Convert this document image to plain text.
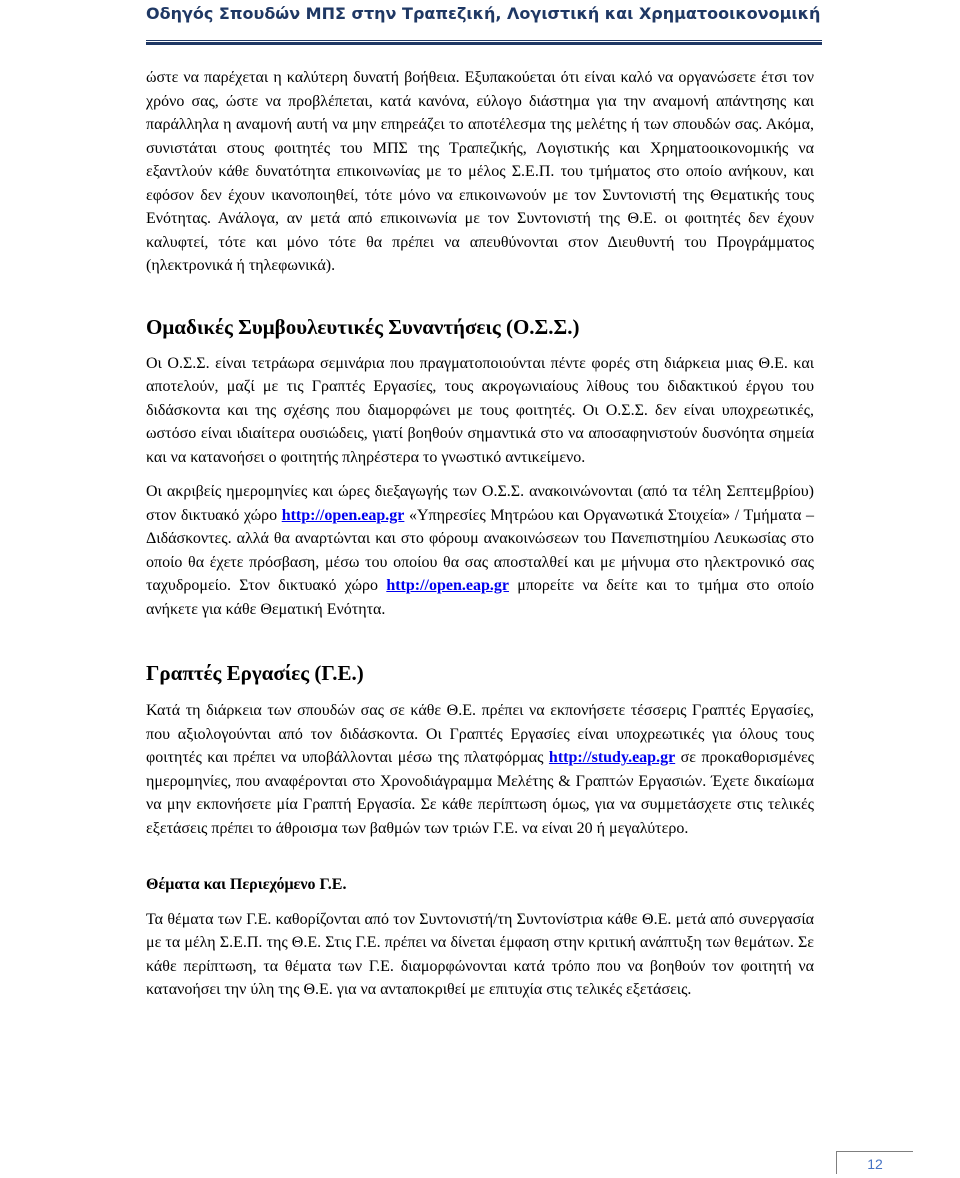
Οδηγός Σπουδών ΜΠΣ στην Τραπεζική, Λογιστική και Χρηματοοικονομική

ώστε να παρέχεται η καλύτερη δυνατή βοήθεια. Εξυπακούεται ότι είναι καλό να οργανώσετε έτσι τον χρόνο σας, ώστε να προβλέπεται, κατά κανόνα, εύλογο διάστημα για την αναμονή απάντησης και παράλληλα η αναμονή αυτή να μην επηρεάζει το αποτέλεσμα της μελέτης ή των σπουδών σας. Ακόμα, συνιστάται στους φοιτητές του ΜΠΣ της Τραπεζικής, Λογιστικής και Χρηματοοικονομικής να εξαντλούν κάθε δυνατότητα επικοινωνίας με το μέλος Σ.Ε.Π. του τμήματος στο οποίο ανήκουν, και εφόσον δεν έχουν ικανοποιηθεί, τότε μόνο να επικοινωνούν με τον Συντονιστή της Θεματικής τους Ενότητας. Ανάλογα, αν μετά από επικοινωνία με τον Συντονιστή της Θ.Ε. οι φοιτητές δεν έχουν καλυφτεί, τότε και μόνο τότε θα πρέπει να απευθύνονται στον Διευθυντή του Προγράμματος (ηλεκτρονικά ή τηλεφωνικά).

Ομαδικές Συμβουλευτικές Συναντήσεις (Ο.Σ.Σ.)

Οι Ο.Σ.Σ. είναι τετράωρα σεμινάρια που πραγματοποιούνται πέντε φορές στη διάρκεια μιας Θ.Ε. και αποτελούν, μαζί με τις Γραπτές Εργασίες, τους ακρογωνιαίους λίθους του διδακτικού έργου του διδάσκοντα και της σχέσης που διαμορφώνει με τους φοιτητές. Οι Ο.Σ.Σ. δεν είναι υποχρεωτικές, ωστόσο είναι ιδιαίτερα ουσιώδεις, γιατί βοηθούν σημαντικά στο να αποσαφηνιστούν δυσνόητα σημεία και να κατανοήσει ο φοιτητής πληρέστερα το γνωστικό αντικείμενο.

Οι ακριβείς ημερομηνίες και ώρες διεξαγωγής των Ο.Σ.Σ. ανακοινώνονται (από τα τέλη Σεπτεμβρίου) στον δικτυακό χώρο http://open.eap.gr «Υπηρεσίες Μητρώου και Οργανωτικά Στοιχεία» / Τμήματα – Διδάσκοντες. αλλά θα αναρτώνται και στο φόρουμ ανακοινώσεων του Πανεπιστημίου Λευκωσίας στο οποίο θα έχετε πρόσβαση, μέσω του οποίου θα σας αποσταλθεί και με μήνυμα στο ηλεκτρονικό σας ταχυδρομείο. Στον δικτυακό χώρο http://open.eap.gr μπορείτε να δείτε και το τμήμα στο οποίο ανήκετε για κάθε Θεματική Ενότητα.

Γραπτές Εργασίες (Γ.Ε.)

Κατά τη διάρκεια των σπουδών σας σε κάθε Θ.Ε. πρέπει να εκπονήσετε τέσσερις Γραπτές Εργασίες, που αξιολογούνται από τον διδάσκοντα. Οι Γραπτές Εργασίες είναι υποχρεωτικές για όλους τους φοιτητές και πρέπει να υποβάλλονται μέσω της πλατφόρμας http://study.eap.gr σε προκαθορισμένες ημερομηνίες, που αναφέρονται στο Χρονοδιάγραμμα Μελέτης & Γραπτών Εργασιών. Έχετε δικαίωμα να μην εκπονήσετε μία Γραπτή Εργασία. Σε κάθε περίπτωση όμως, για να συμμετάσχετε στις τελικές εξετάσεις πρέπει το άθροισμα των βαθμών των τριών Γ.Ε. να είναι 20 ή μεγαλύτερο.

Θέματα και Περιεχόμενο Γ.Ε.

Τα θέματα των Γ.Ε. καθορίζονται από τον Συντονιστή/τη Συντονίστρια κάθε Θ.Ε. μετά από συνεργασία με τα μέλη Σ.Ε.Π. της Θ.Ε. Στις Γ.Ε. πρέπει να δίνεται έμφαση στην κριτική ανάπτυξη των θεμάτων. Σε κάθε περίπτωση, τα θέματα των Γ.Ε. διαμορφώνονται κατά τρόπο που να βοηθούν τον φοιτητή να κατανοήσει την ύλη της Θ.Ε. για να ανταποκριθεί με επιτυχία στις τελικές εξετάσεις.

12
